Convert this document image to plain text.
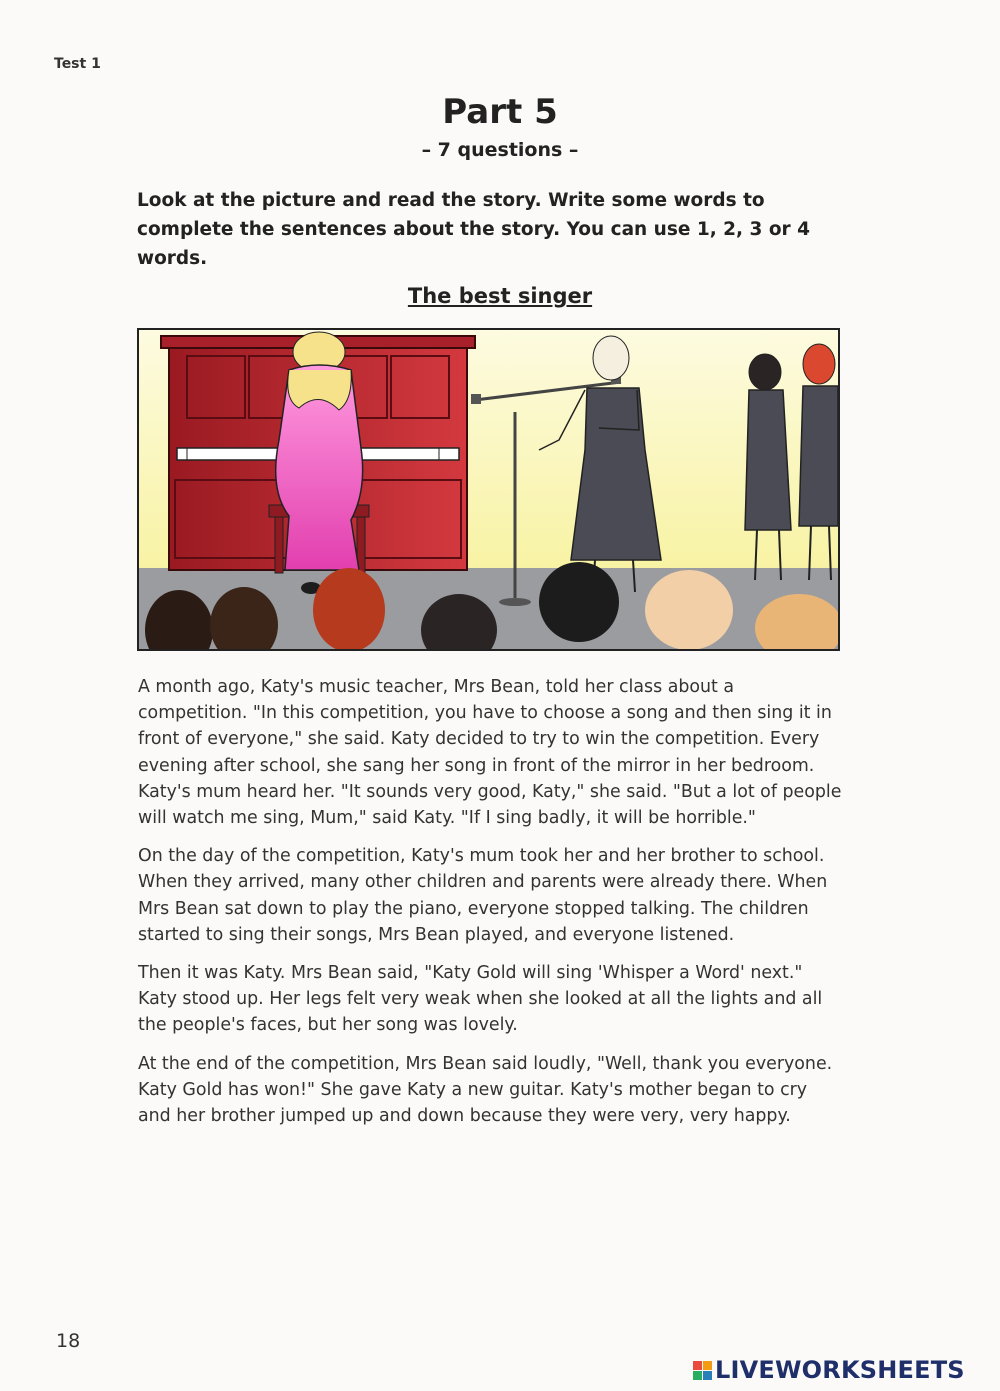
Test 1
Part 5
– 7 questions –
Look at the picture and read the story. Write some words to complete the sentences about the story. You can use 1, 2, 3 or 4 words.
The best singer

A month ago, Katy's music teacher, Mrs Bean, told her class about a competition. "In this competition, you have to choose a song and then sing it in front of everyone," she said. Katy decided to try to win the competition. Every evening after school, she sang her song in front of the mirror in her bedroom. Katy's mum heard her. "It sounds very good, Katy," she said. "But a lot of people will watch me sing, Mum," said Katy. "If I sing badly, it will be horrible."

On the day of the competition, Katy's mum took her and her brother to school. When they arrived, many other children and parents were already there. When Mrs Bean sat down to play the piano, everyone stopped talking. The children started to sing their songs, Mrs Bean played, and everyone listened.

Then it was Katy. Mrs Bean said, "Katy Gold will sing 'Whisper a Word' next." Katy stood up. Her legs felt very weak when she looked at all the lights and all the people's faces, but her song was lovely.

At the end of the competition, Mrs Bean said loudly, "Well, thank you everyone. Katy Gold has won!" She gave Katy a new guitar. Katy's mother began to cry and her brother jumped up and down because they were very, very happy.

18
LIVEWORKSHEETS
